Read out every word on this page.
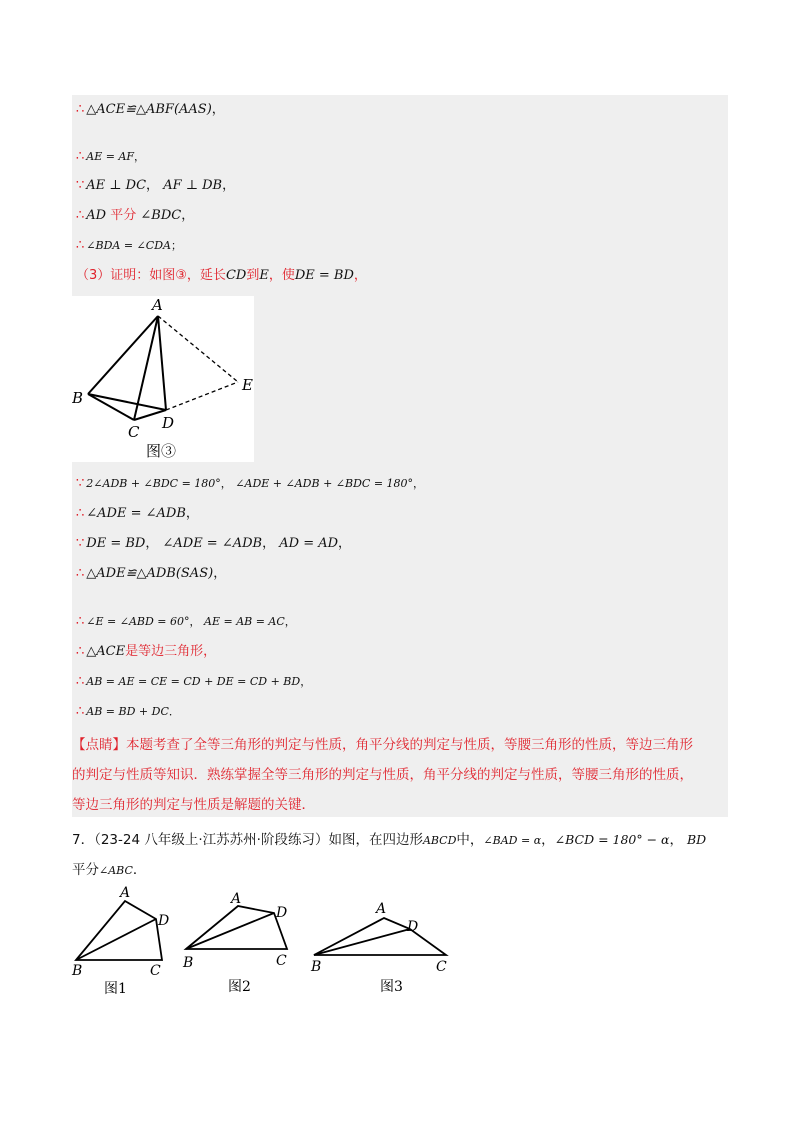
∴ △ACE≌△ABF(AAS)，
∴ AE = AF，
∵ AE ⊥ DC， AF ⊥ DB，
∴ AD 平分 ∠BDC，
∴ ∠BDA = ∠CDA；
（3）证明：如图③，延长CD到E，使DE = BD，
A
B
C D
E
图③
∵ 2∠ADB + ∠BDC = 180°， ∠ADE + ∠ADB + ∠BDC = 180°，
∴ ∠ADE = ∠ADB，
∵ DE = BD， ∠ADE = ∠ADB， AD = AD，
∴ △ADE≌△ADB(SAS)，
∴ ∠E = ∠ABD = 60°， AE = AB = AC，
∴ △ACE是等边三角形，
∴ AB = AE = CE = CD + DE = CD + BD，
∴ AB = BD + DC．
【点睛】本题考查了全等三角形的判定与性质，角平分线的判定与性质，等腰三角形的性质，等边三角形
的判定与性质等知识．熟练掌握全等三角形的判定与性质，角平分线的判定与性质，等腰三角形的性质，
等边三角形的判定与性质是解题的关键．
7．（23-24 八年级上·江苏苏州·阶段练习）如图，在四边形ABCD中，∠BAD = α，∠BCD = 180° − α， BD
平分∠ABC．
A
D
B	C
图1
A
D
B	C
图2
A
D
B	C
图3
